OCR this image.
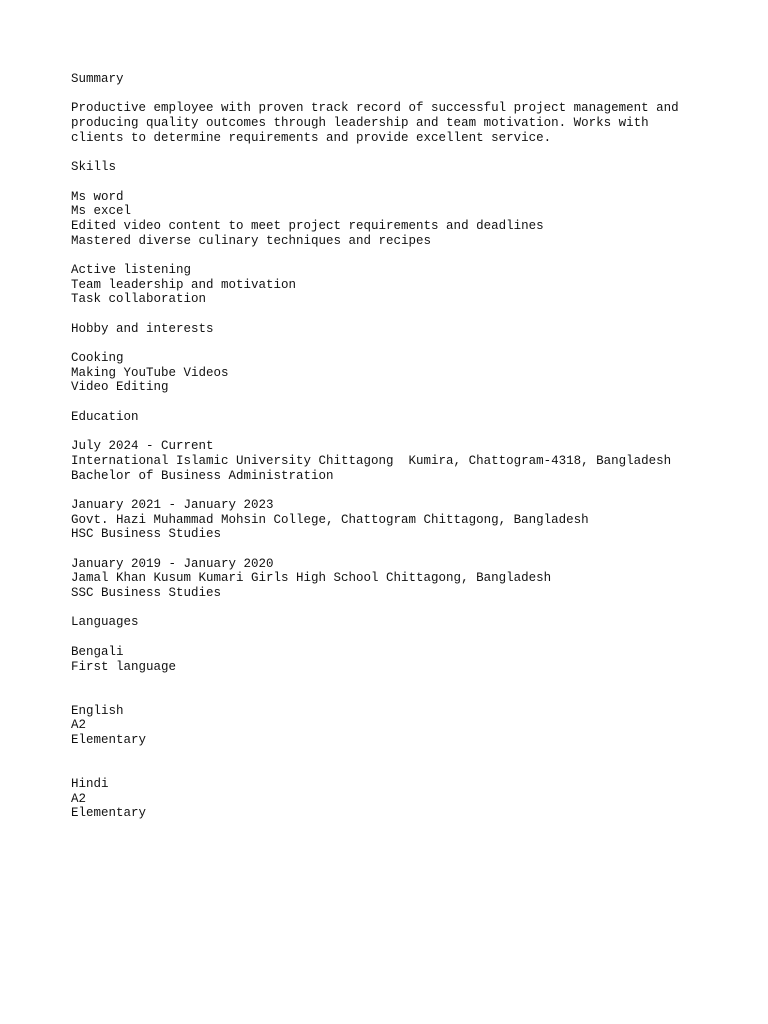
Summary
Productive employee with proven track record of successful project management and
producing quality outcomes through leadership and team motivation. Works with
clients to determine requirements and provide excellent service.
Skills
Ms word
Ms excel
Edited video content to meet project requirements and deadlines
Mastered diverse culinary techniques and recipes
Active listening
Team leadership and motivation
Task collaboration
Hobby and interests
Cooking
Making YouTube Videos
Video Editing
Education
July 2024 - Current
International Islamic University Chittagong  Kumira, Chattogram-4318, Bangladesh
Bachelor of Business Administration
January 2021 - January 2023
Govt. Hazi Muhammad Mohsin College, Chattogram Chittagong, Bangladesh
HSC Business Studies
January 2019 - January 2020
Jamal Khan Kusum Kumari Girls High School Chittagong, Bangladesh
SSC Business Studies
Languages
Bengali
First language
English
A2
Elementary
Hindi
A2
Elementary
